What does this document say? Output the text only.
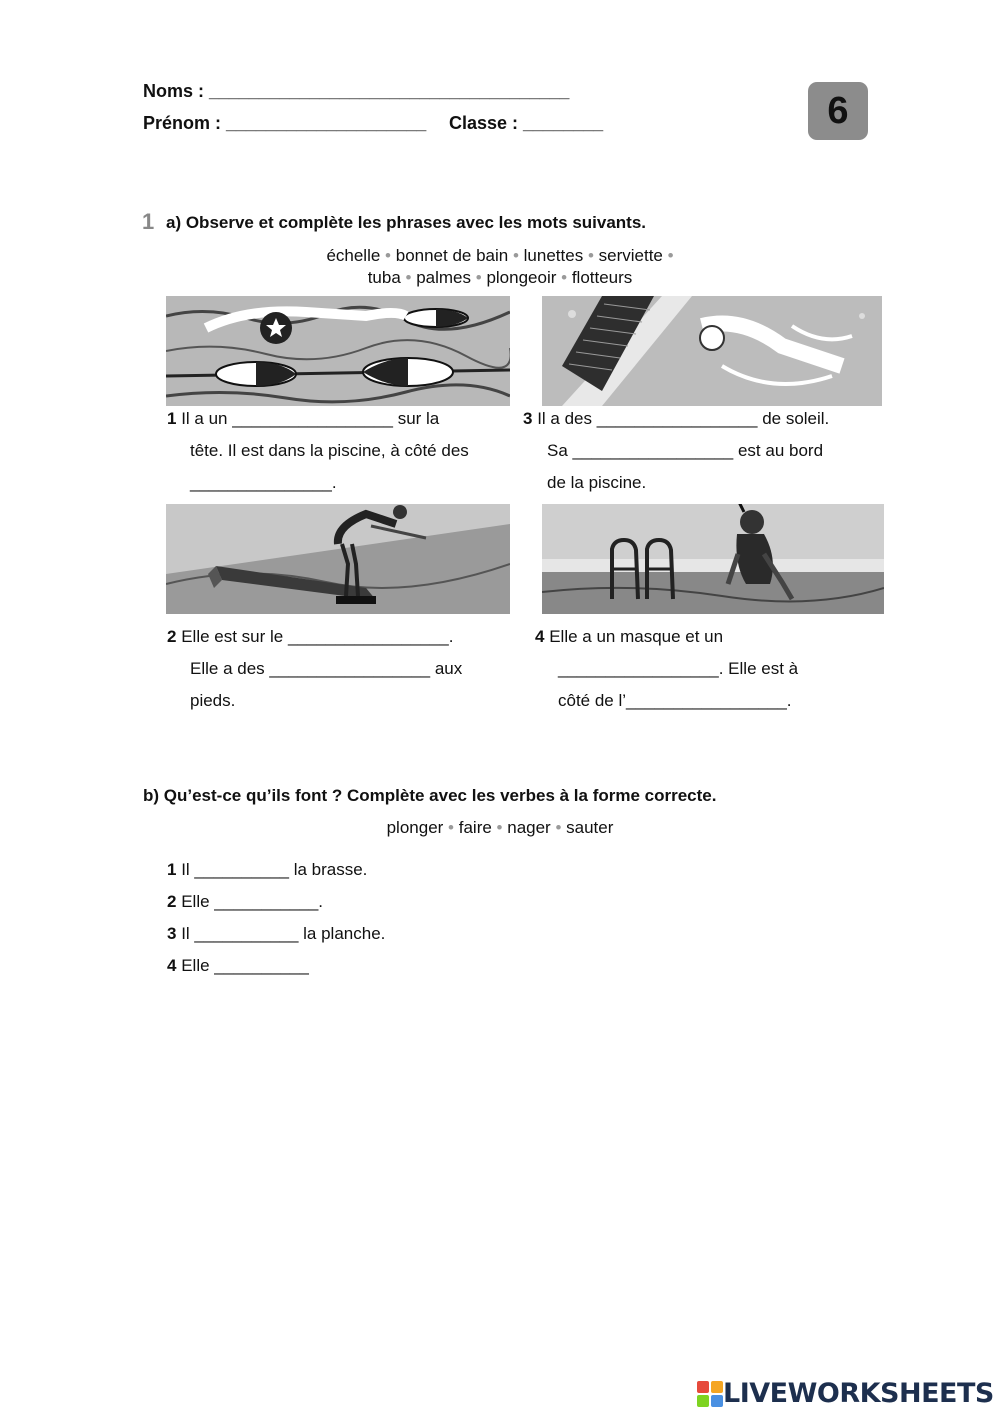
Noms : ____________________________________
Prénom : ____________________ Classe : ________	6
1 a) Observe et complète les phrases avec les mots suivants.
échelle • bonnet de bain • lunettes • serviette •
tuba • palmes • plongeoir • flotteurs
1 Il a un _________________ sur la
tête. Il est dans la piscine, à côté des
_______________.
3 Il a des _________________ de soleil.
Sa _________________ est au bord
de la piscine.
2 Elle est sur le _________________.
Elle a des _________________ aux
pieds.
4 Elle a un masque et un
_________________. Elle est à
côté de l’_________________.
b) Qu’est-ce qu’ils font ? Complète avec les verbes à la forme correcte.
plonger • faire • nager • sauter
1 Il __________ la brasse.
2 Elle ___________.
3 Il ___________ la planche.
4 Elle __________
LIVEWORKSHEETS
